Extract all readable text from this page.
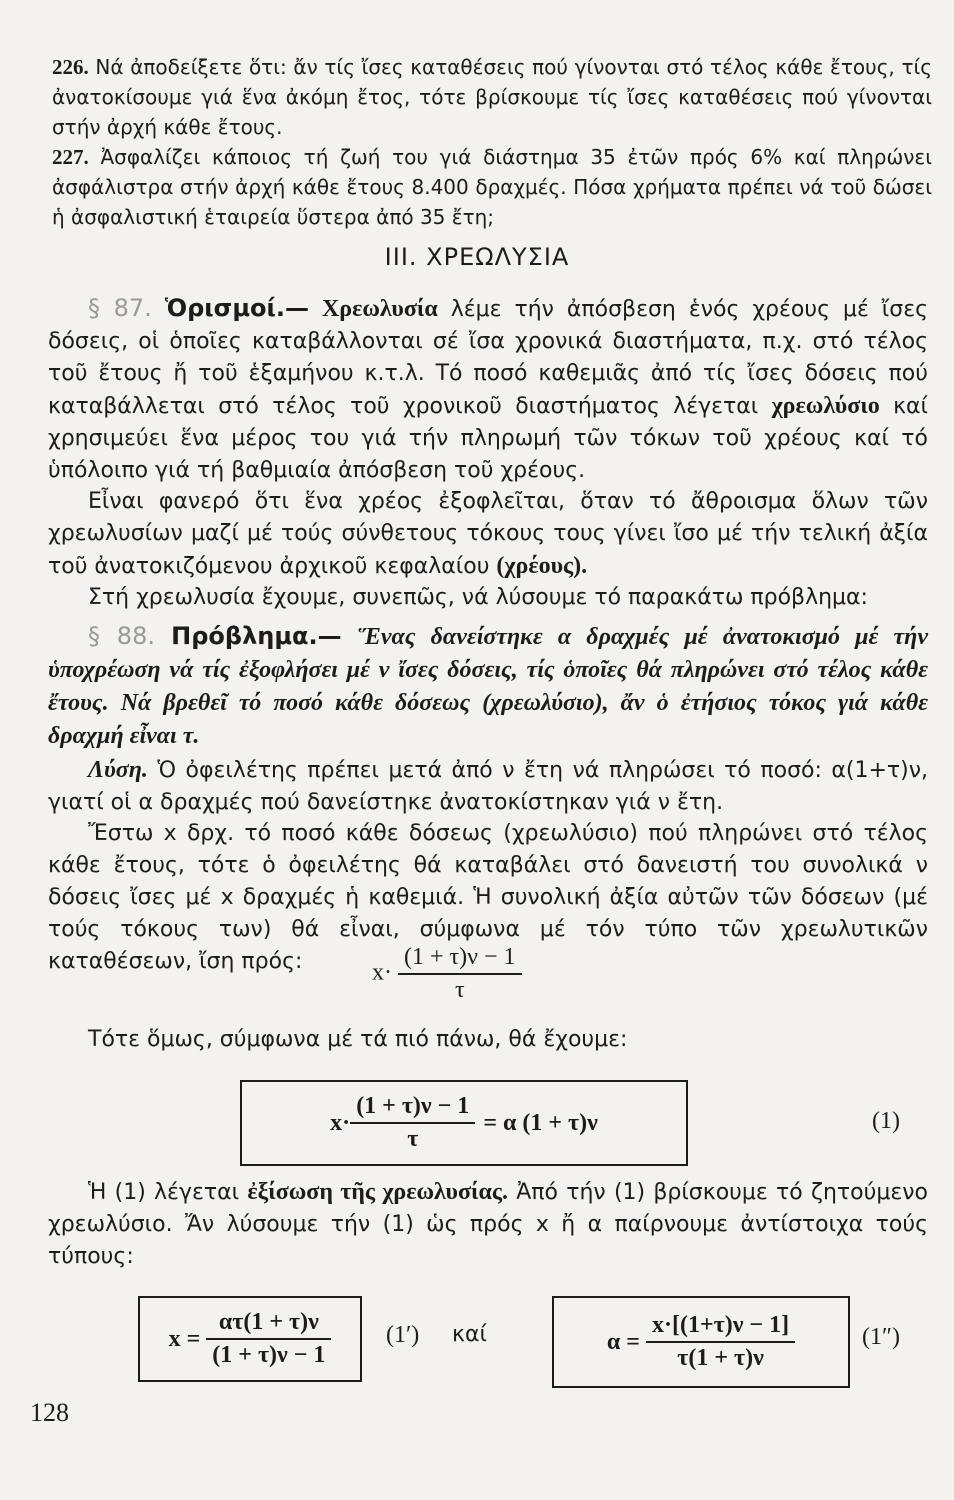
226. Νά ἀποδείξετε ὅτι: ἄν τίς ἴσες καταθέσεις πού γίνονται στό τέλος κάθε ἔτους, τίς ἀνατοκίσουμε γιά ἕνα ἀκόμη ἔτος, τότε βρίσκουμε τίς ἴσες καταθέσεις πού γίνονται στήν ἀρχή κάθε ἔτους.
227. Ἀσφαλίζει κάποιος τή ζωή του γιά διάστημα 35 ἐτῶν πρός 6% καί πληρώνει ἀσφάλιστρα στήν ἀρχή κάθε ἔτους 8.400 δραχμές. Πόσα χρήματα πρέπει νά τοῦ δώσει ἡ ἀσφαλιστική ἑταιρεία ὕστερα ἀπό 35 ἔτη;
III. ΧΡΕΩΛΥΣΙΑ
§ 87. Ὁρισμοί.— Χρεωλυσία λέμε τήν ἀπόσβεση ἑνός χρέους μέ ἴσες δόσεις, οἱ ὁποῖες καταβάλλονται σέ ἴσα χρονικά διαστήματα, π.χ. στό τέλος τοῦ ἔτους ἤ τοῦ ἑξαμήνου κ.τ.λ. Τό ποσό καθεμιᾶς ἀπό τίς ἴσες δόσεις πού καταβάλλεται στό τέλος τοῦ χρονικοῦ διαστήματος λέγεται χρεωλύσιο καί χρησιμεύει ἕνα μέρος του γιά τήν πληρωμή τῶν τόκων τοῦ χρέους καί τό ὑπόλοιπο γιά τή βαθμιαία ἀπόσβεση τοῦ χρέους.
Εἶναι φανερό ὅτι ἕνα χρέος ἐξοφλεῖται, ὅταν τό ἄθροισμα ὅλων τῶν χρεωλυσίων μαζί μέ τούς σύνθετους τόκους τους γίνει ἴσο μέ τήν τελική ἀξία τοῦ ἀνατοκιζόμενου ἀρχικοῦ κεφαλαίου (χρέους).
Στή χρεωλυσία ἔχουμε, συνεπῶς, νά λύσουμε τό παρακάτω πρόβλημα:
§ 88. Πρόβλημα.— Ἕνας δανείστηκε α δραχμές μέ ἀνατοκισμό μέ τήν ὑποχρέωση νά τίς ἐξοφλήσει μέ ν ἴσες δόσεις, τίς ὁποῖες θά πληρώνει στό τέλος κάθε ἔτους. Νά βρεθεῖ τό ποσό κάθε δόσεως (χρεωλύσιο), ἄν ὁ ἐτήσιος τόκος γιά κάθε δραχμή εἶναι τ.
Λύση. Ὁ ὀφειλέτης πρέπει μετά ἀπό ν ἔτη νά πληρώσει τό ποσό: α(1+τ)ν, γιατί οἱ α δραχμές πού δανείστηκε ἀνατοκίστηκαν γιά ν ἔτη.
Ἔστω x δρχ. τό ποσό κάθε δόσεως (χρεωλύσιο) πού πληρώνει στό τέλος κάθε ἔτους, τότε ὁ ὀφειλέτης θά καταβάλει στό δανειστή του συνολικά ν δόσεις ἴσες μέ x δραχμές ἡ καθεμιά. Ἡ συνολική ἀξία αὐτῶν τῶν δόσεων (μέ τούς τόκους των) θά εἶναι, σύμφωνα μέ τόν τύπο τῶν χρεωλυτικῶν καταθέσεων, ἴση πρός:	$x\cdot \frac{(1 + \tau)\nu - 1}{\tau}$
Τότε ὅμως, σύμφωνα μέ τά πιό πάνω, θά ἔχουμε:
$x\cdot \frac{(1 + \tau)\nu - 1}{\tau} = \alpha$ (1 + τ)ν	(1)
Ἡ (1) λέγεται ἐξίσωση τῆς χρεωλυσίας. Ἀπό τήν (1) βρίσκουμε τό ζητούμενο χρεωλύσιο. Ἄν λύσουμε τήν (1) ὡς πρός x ἤ α παίρνουμε ἀντίστοιχα τούς τύπους:
$x = \frac{\alpha\tau(1 + \tau)\nu}{(1 + \tau)\nu - 1} (1')$ καί	$\alpha = \frac{x\cdot[(1+\tau)\nu - 1]}{\tau(1 + \tau)\nu}$	(1″)
128
